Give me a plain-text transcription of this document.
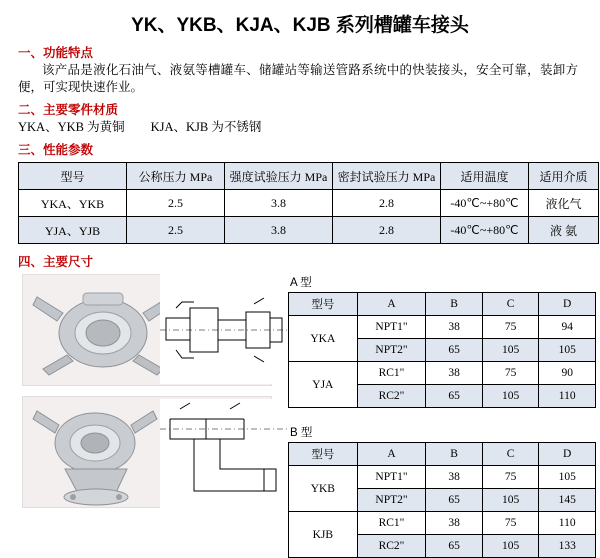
YK、YKB、KJA、KJB 系列槽罐车接头
一、功能特点
该产品是液化石油气、液氨等槽罐车、储罐站等输送管路系统中的快装接头，安全可靠，装卸方便，可实现快速作业。
二、主要零件材质
YKA、YKB 为黄铜 KJA、KJB 为不锈钢
三、性能参数
型号	公称压力 MPa	强度试验压力 MPa	密封试验压力 MPa	适用温度	适用介质
YKA、YKB	2.5	3.8	2.8	-40℃~+80℃	液化气
YJA、YJB	2.5	3.8	2.8	-40℃~+80℃	液 氨
四、主要尺寸

A 型
型号	A	B	C	D
YKA	NPT1"	38	75	94
	NPT2"	65	105	105
YJA	RC1"	38	75	90
	RC2"	65	105	110
B 型
型号	A	B	C	D
YKB	NPT1"	38	75	105
	NPT2"	65	105	145
KJB	RC1"	38	75	110
	RC2"	65	105	133
